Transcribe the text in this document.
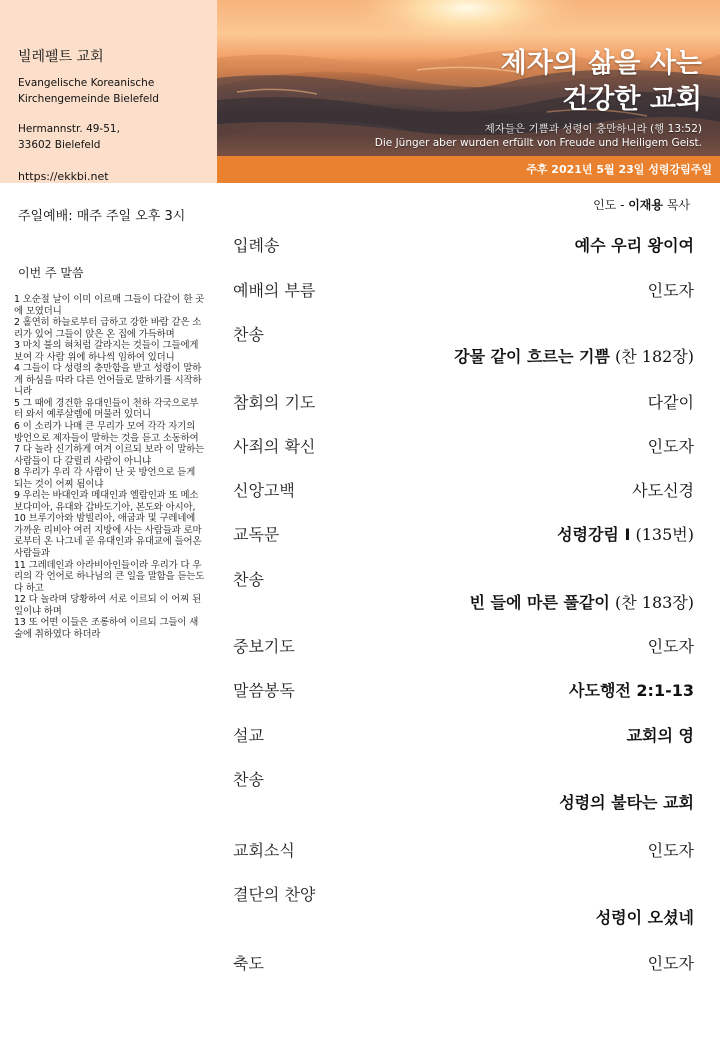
빌레펠트 교회
Evangelische Koreanische
Kirchengemeinde Bielefeld
Hermannstr. 49-51,
33602 Bielefeld
https://ekkbi.net
제자의 삶을 사는
건강한 교회
제자들은 기쁨과 성령이 충만하니라 (행 13:52)
Die Jünger aber wurden erfüllt von Freude und Heiligem Geist.
주후 2021년 5월 23일 성령강림주일
주일예배: 매주 주일 오후 3시
이번 주 말씀
1 오순절 날이 이미 이르매 그들이 다같이 한 곳에 모였더니
2 홀연히 하늘로부터 급하고 강한 바람 같은 소리가 있어 그들이 앉은 온 집에 가득하며
3 마치 불의 혀처럼 갈라지는 것들이 그들에게 보여 각 사람 위에 하나씩 임하여 있더니
4 그들이 다 성령의 충만함을 받고 성령이 말하게 하심을 따라 다른 언어들로 말하기를 시작하니라
5 그 때에 경건한 유대인들이 천하 각국으로부터 와서 예루살렘에 머물러 있더니
6 이 소리가 나매 큰 무리가 모여 각각 자기의 방언으로 제자들이 말하는 것을 듣고 소동하여
7 다 놀라 신기하게 여겨 이르되 보라 이 말하는 사람들이 다 갈릴리 사람이 아니냐
8 우리가 우리 각 사람이 난 곳 방언으로 듣게 되는 것이 어찌 됨이냐
9 우리는 바대인과 메대인과 엘람인과 또 메소보다미아, 유대와 갑바도기아, 본도와 아시아,
10 브루기아와 밤빌리아, 애굽과 및 구레네에 가까운 리비아 여러 지방에 사는 사람들과 로마로부터 온 나그네 곧 유대인과 유대교에 들어온 사람들과
11 그레데인과 아라비아인들이라 우리가 다 우리의 각 언어로 하나님의 큰 일을 말함을 듣는도다 하고
12 다 놀라며 당황하여 서로 이르되 이 어찌 된 일이냐 하며
13 또 어떤 이들은 조롱하여 이르되 그들이 새 술에 취하였다 하더라
인도 - 이재용 목사
입례송	예수 우리 왕이여
예배의 부름	인도자
찬송
강물 같이 흐르는 기쁨 (찬 182장)
참회의 기도	다같이
사죄의 확신	인도자
신앙고백	사도신경
교독문	성령강림 I (135번)
찬송
빈 들에 마른 풀같이 (찬 183장)
중보기도	인도자
말씀봉독	사도행전 2:1-13
설교	교회의 영
찬송
성령의 불타는 교회
교회소식	인도자
결단의 찬양
성령이 오셨네
축도	인도자
